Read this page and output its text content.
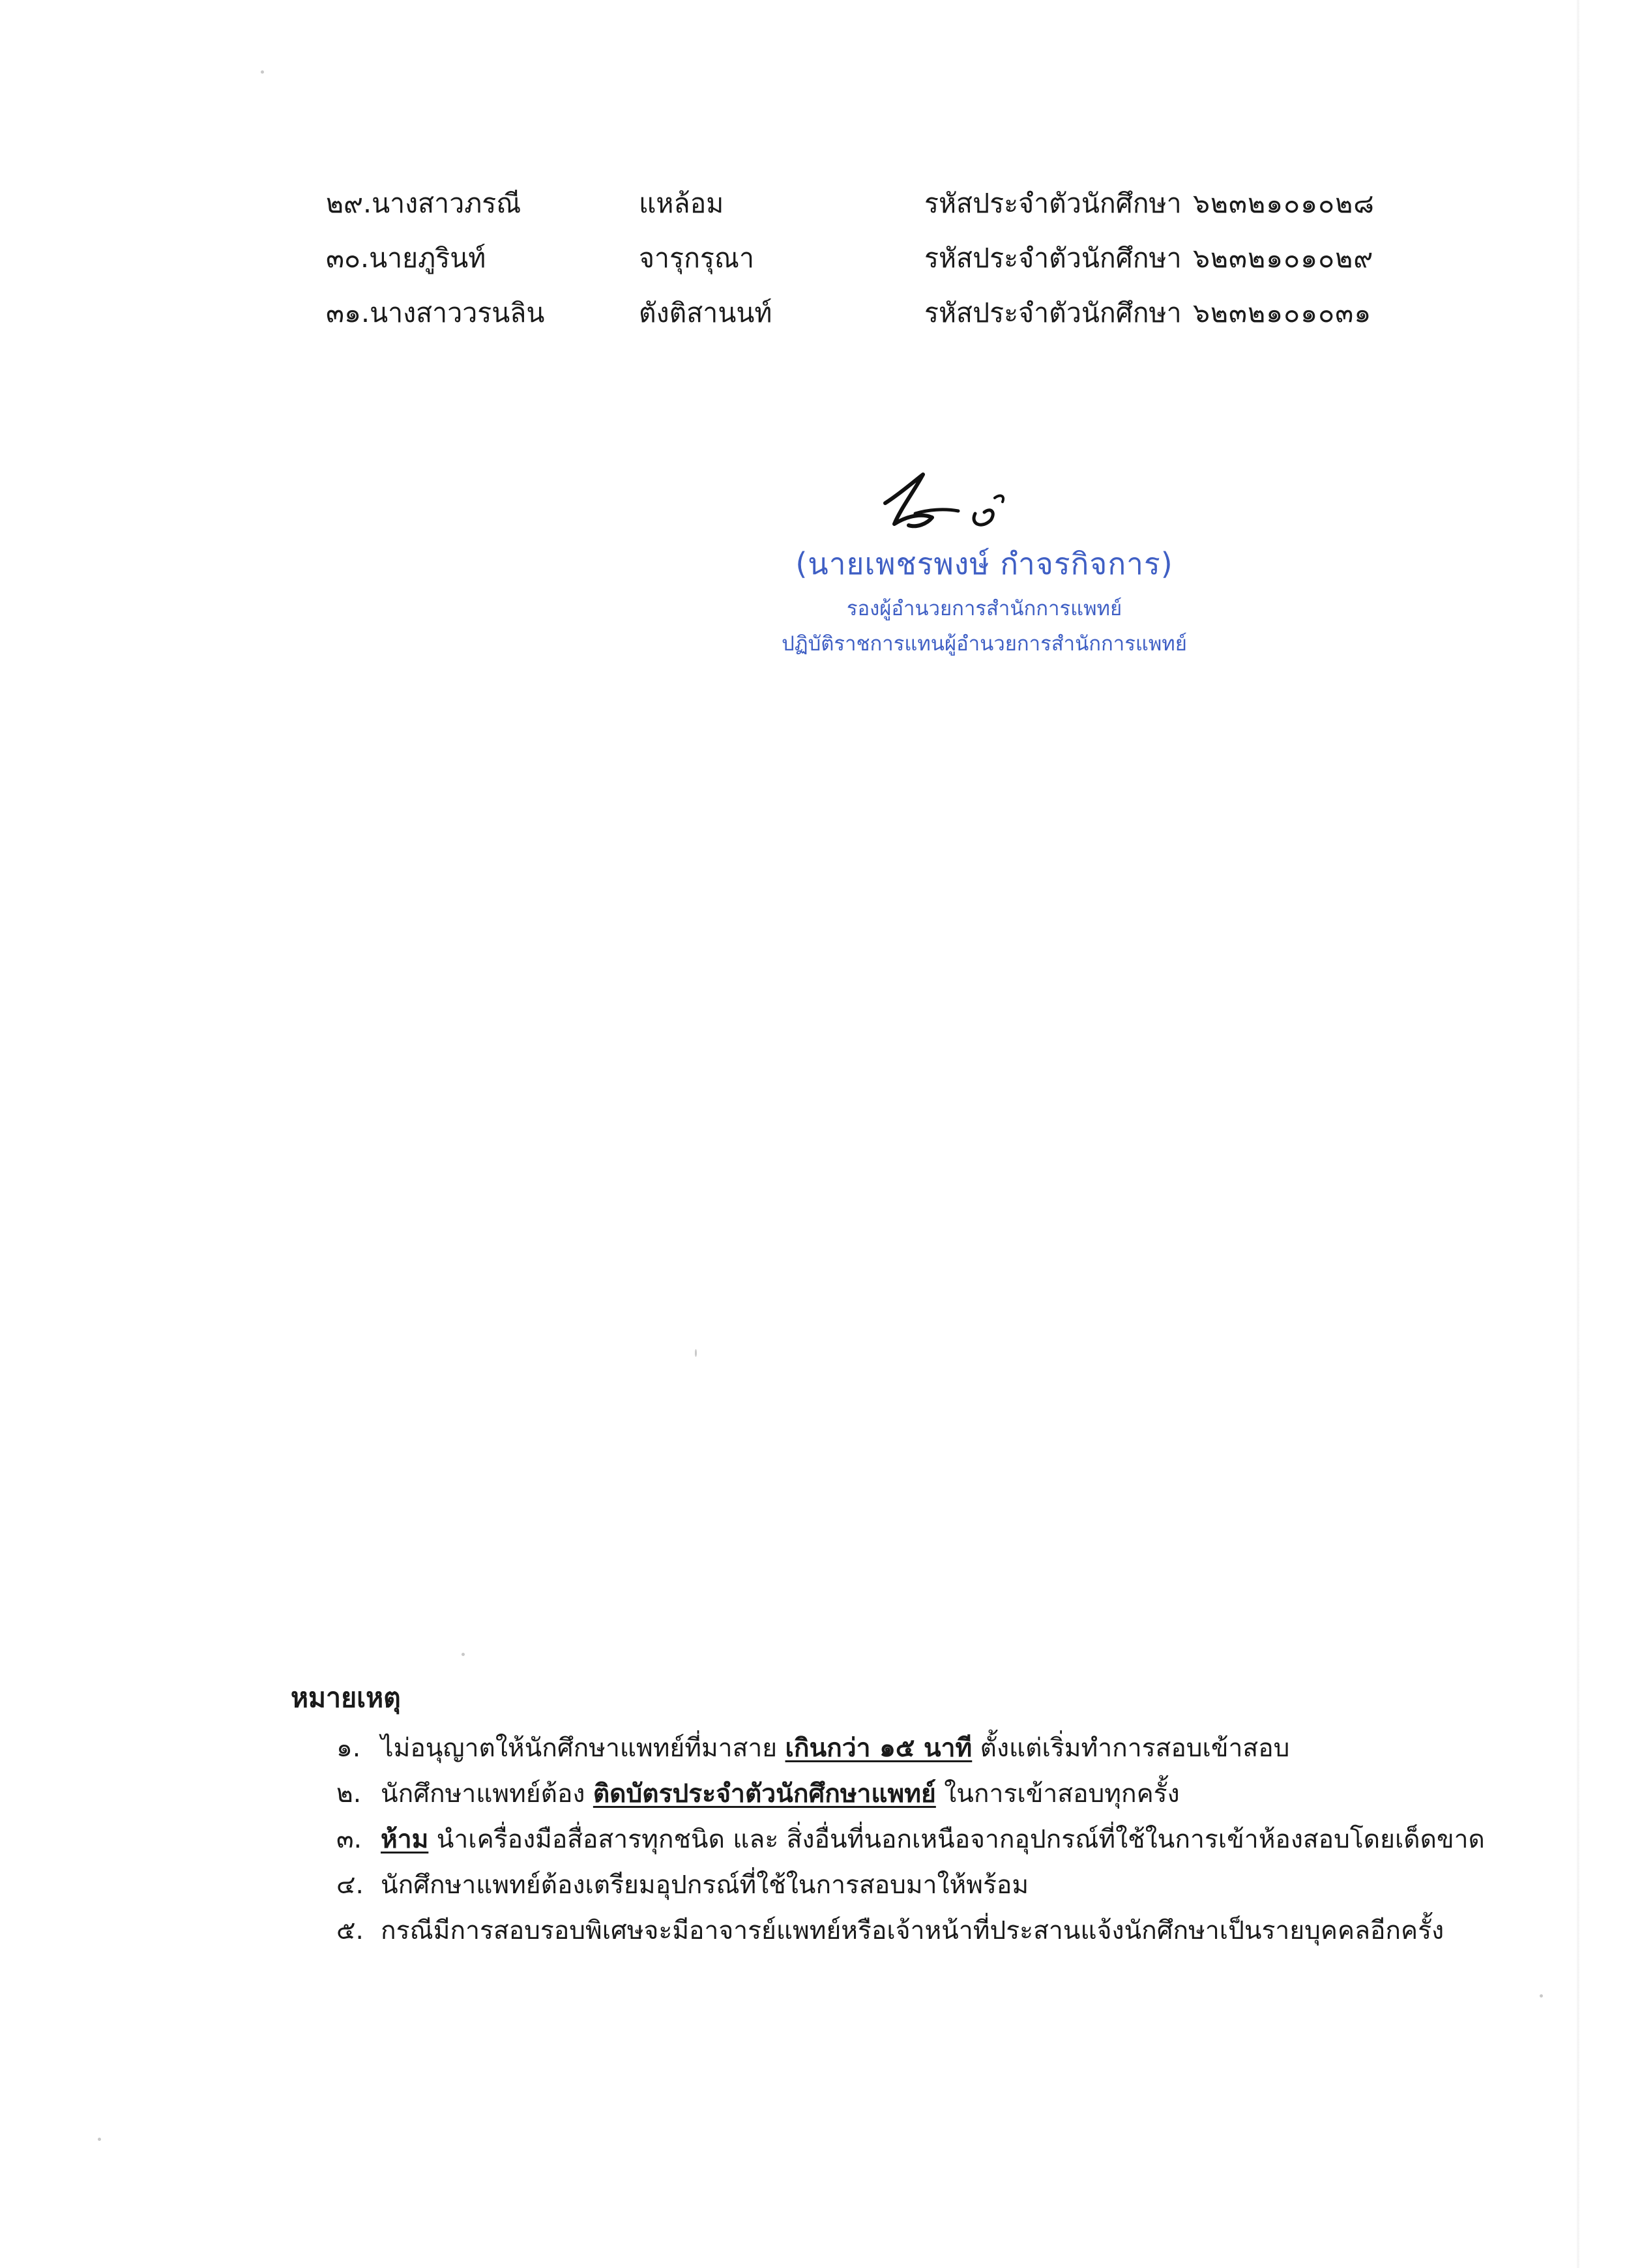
๒๙.นางสาวภรณี	แหล้อม	รหัสประจำตัวนักศึกษา ๖๒๓๒๑๐๑๐๒๘
๓๐.นายภูรินท์	จารุกรุณา	รหัสประจำตัวนักศึกษา ๖๒๓๒๑๐๑๐๒๙
๓๑.นางสาววรนลิน	ตังติสานนท์	รหัสประจำตัวนักศึกษา ๖๒๓๒๑๐๑๐๓๑
(นายเพชรพงษ์ กำจรกิจการ)
รองผู้อำนวยการสำนักการแพทย์
ปฏิบัติราชการแทนผู้อำนวยการสำนักการแพทย์
หมายเหตุ
๑. ไม่อนุญาตให้นักศึกษาแพทย์ที่มาสาย เกินกว่า ๑๕ นาที ตั้งแต่เริ่มทำการสอบเข้าสอบ
๒. นักศึกษาแพทย์ต้อง ติดบัตรประจำตัวนักศึกษาแพทย์ ในการเข้าสอบทุกครั้ง
๓. ห้าม นำเครื่องมือสื่อสารทุกชนิด และ สิ่งอื่นที่นอกเหนือจากอุปกรณ์ที่ใช้ในการเข้าห้องสอบโดยเด็ดขาด
๔. นักศึกษาแพทย์ต้องเตรียมอุปกรณ์ที่ใช้ในการสอบมาให้พร้อม
๕. กรณีมีการสอบรอบพิเศษจะมีอาจารย์แพทย์หรือเจ้าหน้าที่ประสานแจ้งนักศึกษาเป็นรายบุคคลอีกครั้ง
